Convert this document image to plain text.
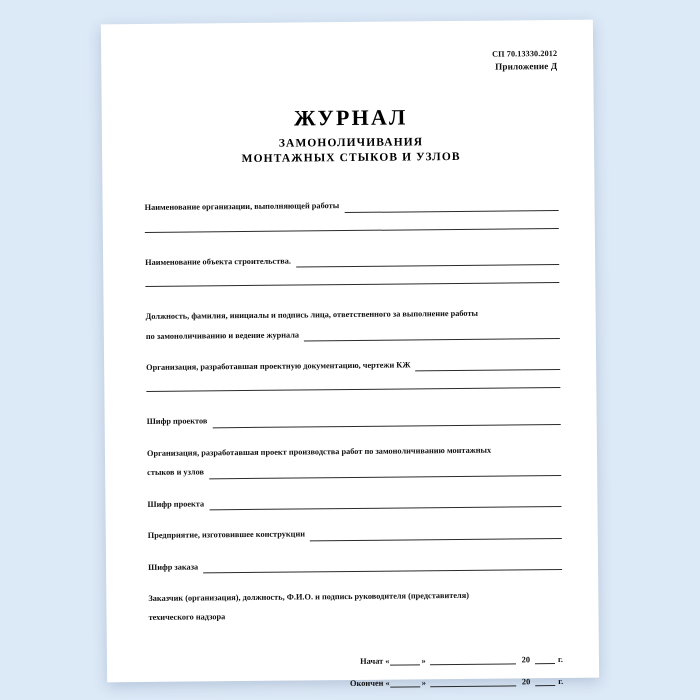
СП 70.13330.2012
Приложение Д
ЖУРНАЛ
ЗАМОНОЛИЧИВАНИЯ
МОНТАЖНЫХ СТЫКОВ И УЗЛОВ
Наименование организации, выполняющей работы
Наименование объекта строительства.
Должность, фамилия, инициалы и подпись лица, ответственного за выполнение работы
по замоноличиванию и ведение журнала
Организация, разработавшая проектную документацию, чертежи КЖ
Шифр проектов
Организация, разработавшая проект производства работ по замоноличиванию монтажных
стыков и узлов
Шифр проекта
Предприятие, изготовившее конструкции
Шифр заказа
Заказчик (организация), должность, Ф.И.О. и подпись руководителя (представителя)
техического надзора
Начат «	»	20	г.
Окончен «	»	20	г.
